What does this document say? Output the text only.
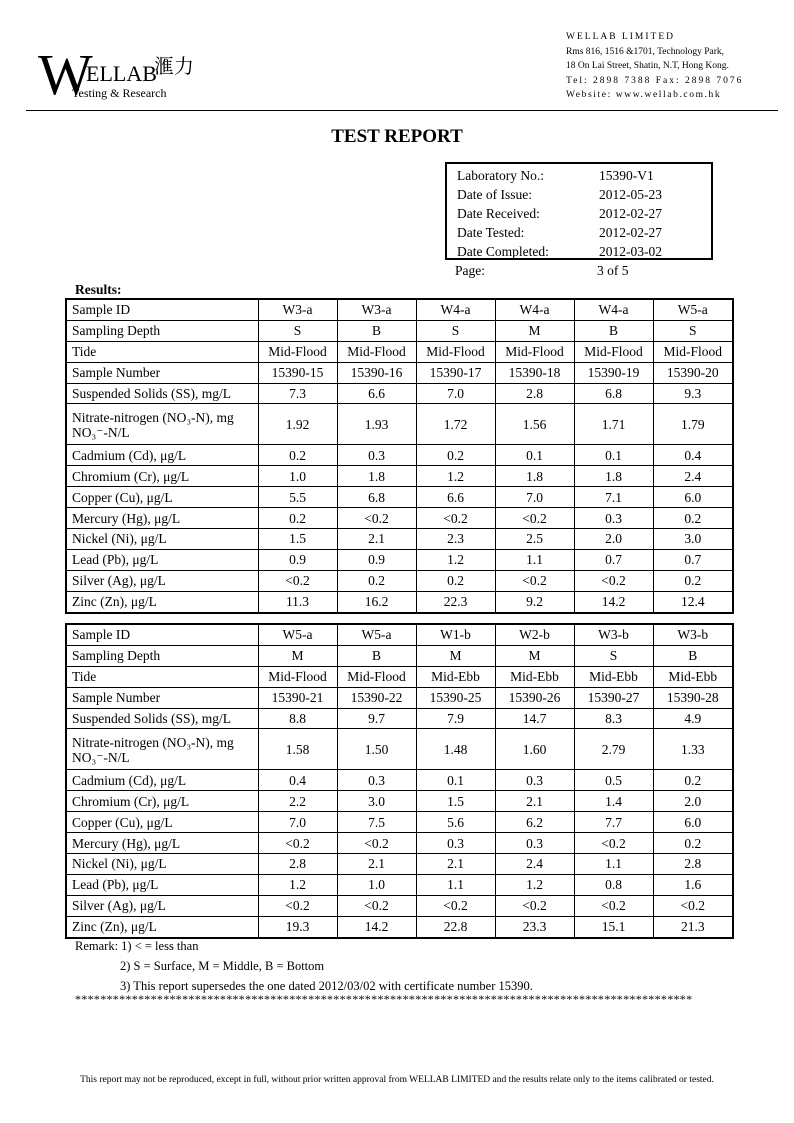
W
ELLAB
滙力
Testing & Research
WELLAB LIMITED
Rms 816, 1516 &1701, Technology Park,
18 On Lai Street, Shatin, N.T, Hong Kong.
Tel: 2898 7388 Fax: 2898 7076
Website: www.wellab.com.hk
TEST REPORT
Laboratory No.:	15390-V1
Date of Issue:	2012-05-23
Date Received:	2012-02-27
Date Tested:	2012-02-27
Date Completed:	2012-03-02
Page:	3 of 5
Results:
Sample ID	W3-a	W3-a	W4-a	W4-a	W4-a	W5-a
Sampling Depth	S	B	S	M	B	S
Tide	Mid-Flood	Mid-Flood	Mid-Flood	Mid-Flood	Mid-Flood	Mid-Flood
Sample Number	15390-15	15390-16	15390-17	15390-18	15390-19	15390-20
Suspended Solids (SS), mg/L	7.3	6.6	7.0	2.8	6.8	9.3
Nitrate-nitrogen (NO₃-N), mg NO₃⁻-N/L	1.92	1.93	1.72	1.56	1.71	1.79
Cadmium (Cd), μg/L	0.2	0.3	0.2	0.1	0.1	0.4
Chromium (Cr), μg/L	1.0	1.8	1.2	1.8	1.8	2.4
Copper (Cu), μg/L	5.5	6.8	6.6	7.0	7.1	6.0
Mercury (Hg), μg/L	0.2	<0.2	<0.2	<0.2	0.3	0.2
Nickel (Ni), μg/L	1.5	2.1	2.3	2.5	2.0	3.0
Lead (Pb), μg/L	0.9	0.9	1.2	1.1	0.7	0.7
Silver (Ag), μg/L	<0.2	0.2	0.2	<0.2	<0.2	0.2
Zinc (Zn), μg/L	11.3	16.2	22.3	9.2	14.2	12.4
Sample ID	W5-a	W5-a	W1-b	W2-b	W3-b	W3-b
Sampling Depth	M	B	M	M	S	B
Tide	Mid-Flood	Mid-Flood	Mid-Ebb	Mid-Ebb	Mid-Ebb	Mid-Ebb
Sample Number	15390-21	15390-22	15390-25	15390-26	15390-27	15390-28
Suspended Solids (SS), mg/L	8.8	9.7	7.9	14.7	8.3	4.9
Nitrate-nitrogen (NO₃-N), mg NO₃⁻-N/L	1.58	1.50	1.48	1.60	2.79	1.33
Cadmium (Cd), μg/L	0.4	0.3	0.1	0.3	0.5	0.2
Chromium (Cr), μg/L	2.2	3.0	1.5	2.1	1.4	2.0
Copper (Cu), μg/L	7.0	7.5	5.6	6.2	7.7	6.0
Mercury (Hg), μg/L	<0.2	<0.2	0.3	0.3	<0.2	0.2
Nickel (Ni), μg/L	2.8	2.1	2.1	2.4	1.1	2.8
Lead (Pb), μg/L	1.2	1.0	1.1	1.2	0.8	1.6
Silver (Ag), μg/L	<0.2	<0.2	<0.2	<0.2	<0.2	<0.2
Zinc (Zn), μg/L	19.3	14.2	22.8	23.3	15.1	21.3
Remark: 1) < = less than
2) S = Surface, M = Middle, B = Bottom
3) This report supersedes the one dated 2012/03/02 with certificate number 15390.
**************************************************************************************************
This report may not be reproduced, except in full, without prior written approval from WELLAB LIMITED and the results relate only to the items calibrated or tested.
